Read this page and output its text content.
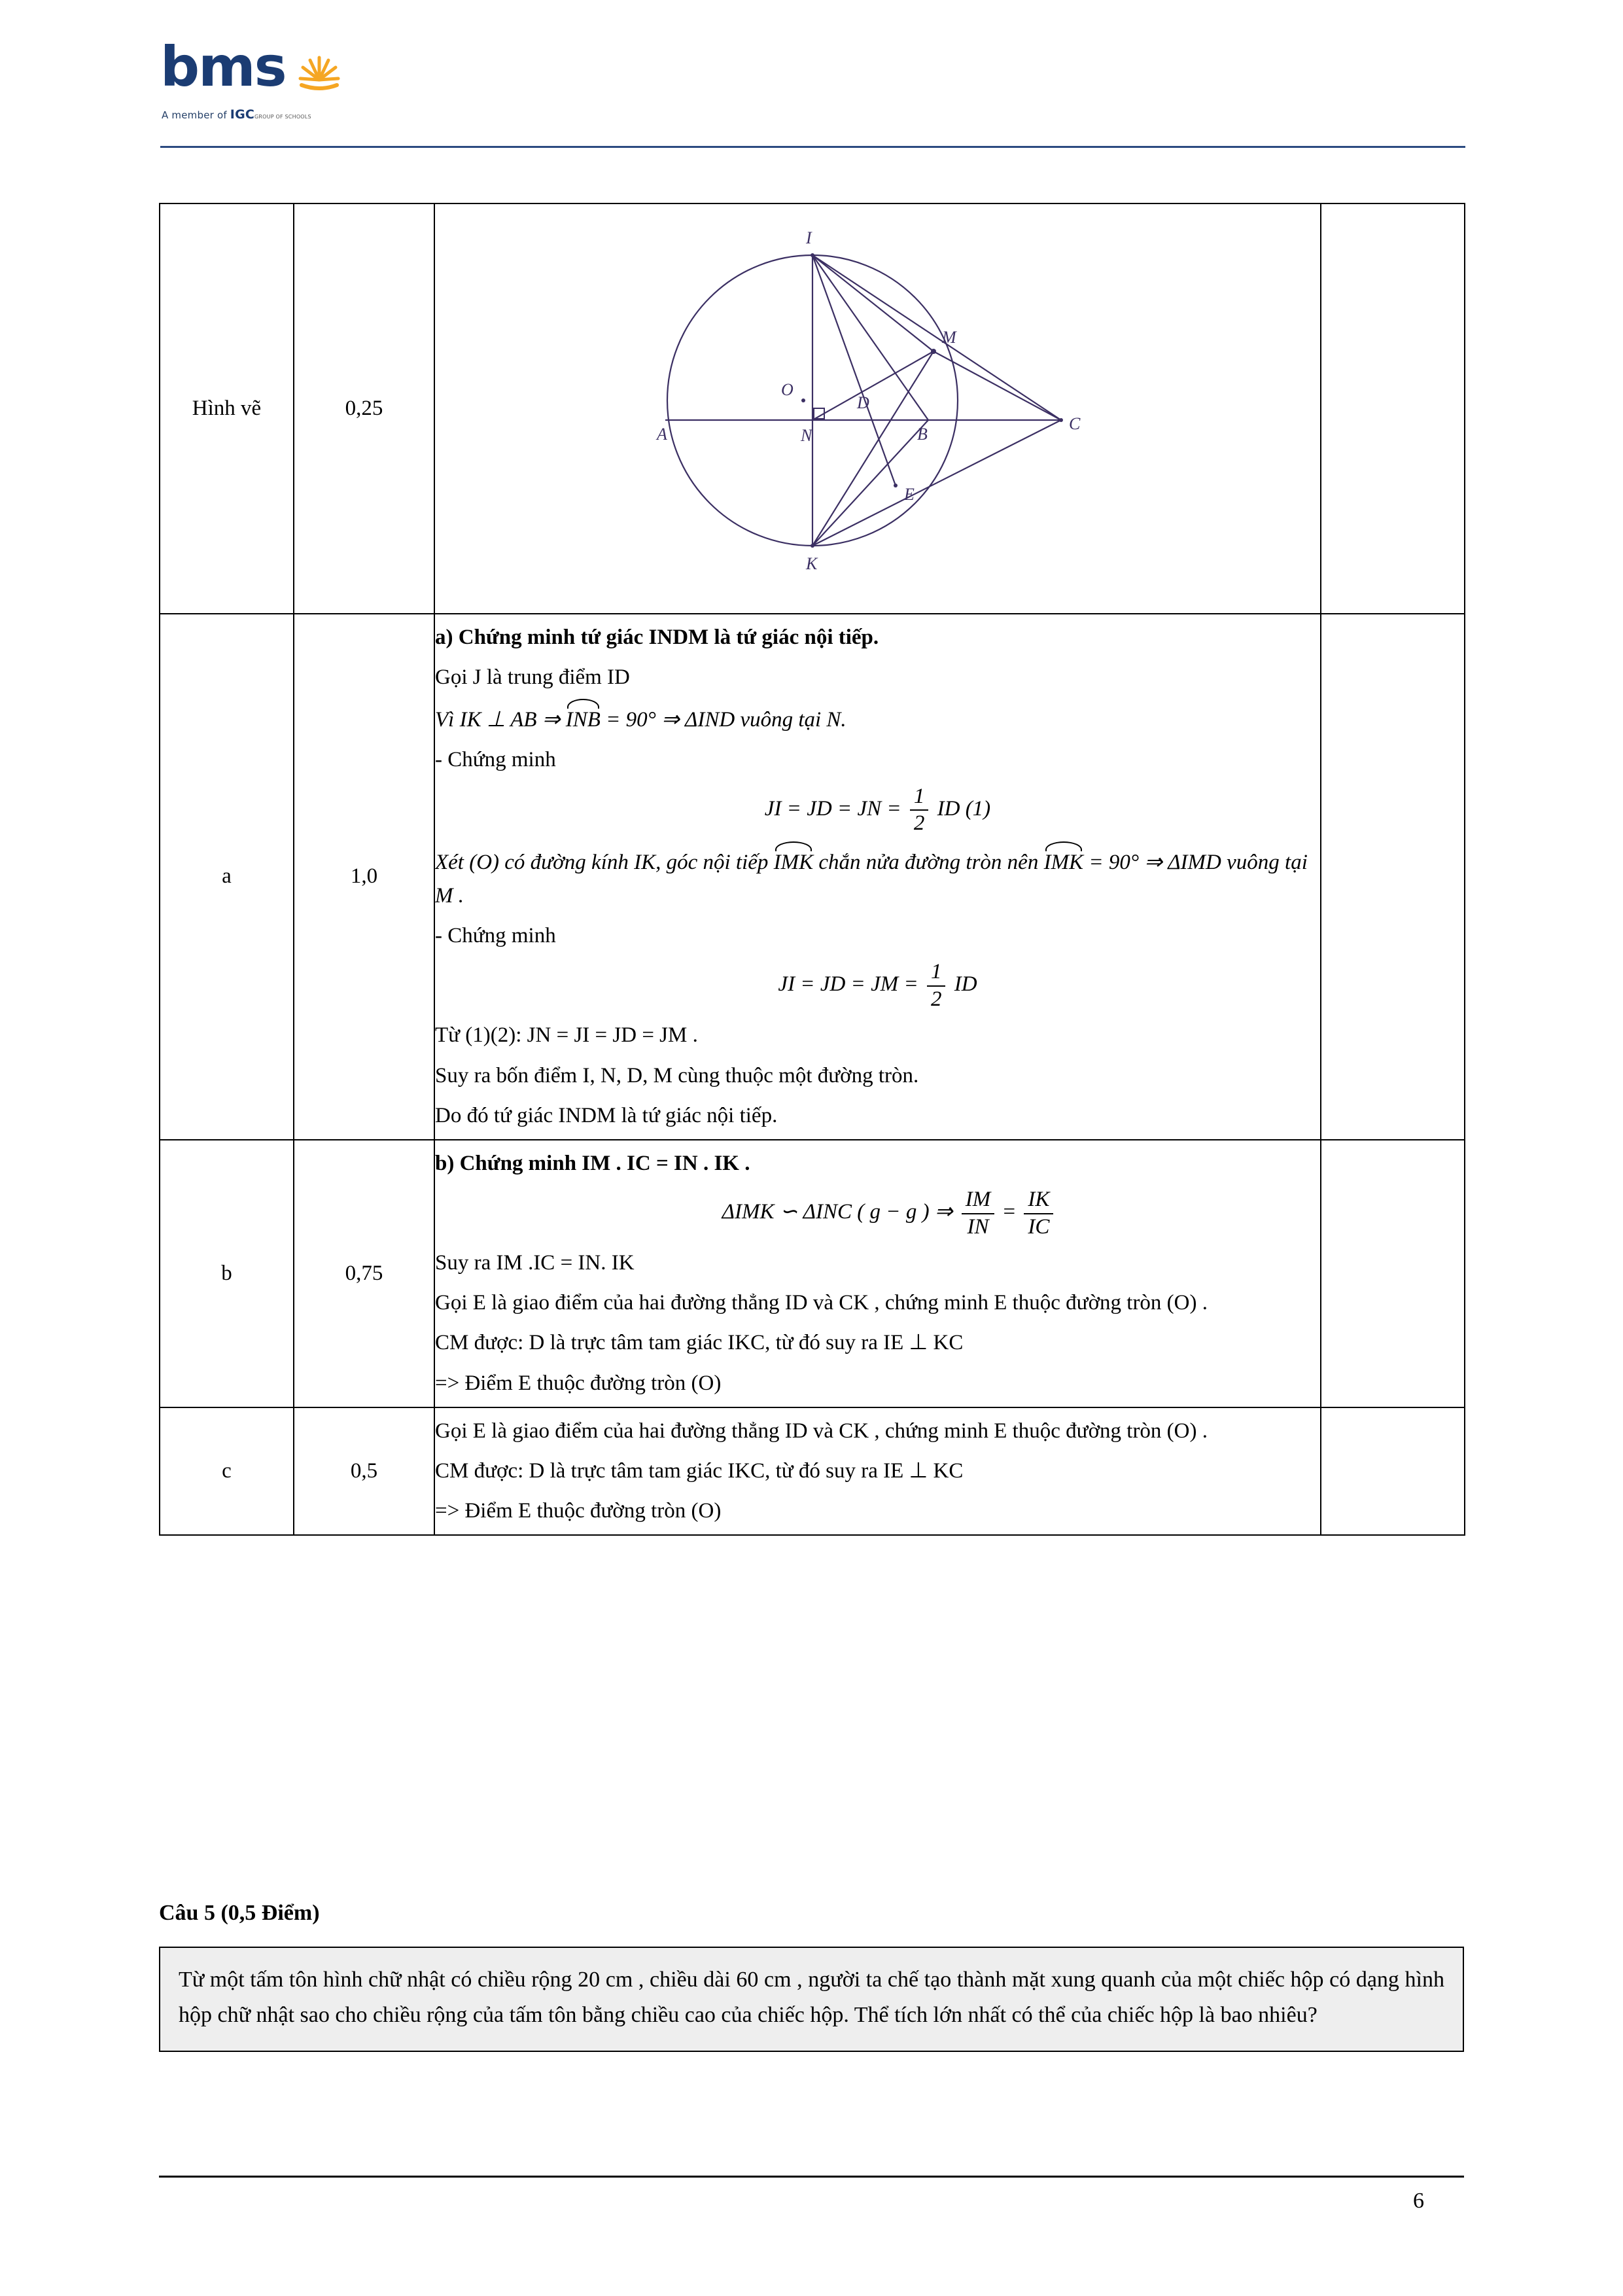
bms
A member of IGCGROUP OF SCHOOLS
Hình vẽ	0,25	
I
M
O
D
A	N	B
C
E
K

a	1,0	

a) Chứng minh tứ giác INDM là tứ giác nội tiếp.

Gọi J là trung điểm ID

Vì IK ⊥ AB ⇒ INB = 90° ⇒ ΔIND vuông tại N.

- Chứng minh

JI = JD = JN = $\frac{1}{2}$ ID (1)

Xét (O) có đường kính IK, góc nội tiếp IMK chắn nửa đường tròn nên IMK = 90° ⇒ ΔIMD vuông tại M .

- Chứng minh

JI = JD = JM = $\frac{1}{2}$ ID

Từ (1)(2): JN = JI = JD = JM .

Suy ra bốn điểm I, N, D, M cùng thuộc một đường tròn.

Do đó tứ giác INDM là tứ giác nội tiếp.

b	0,75	

b) Chứng minh IM . IC = IN . IK .

ΔIMK ∽ ΔINC ( g − g ) ⇒ $\frac{IM}{IN} = \frac{IK}{IC}$

Suy ra IM .IC = IN. IK

Gọi E là giao điểm của hai đường thẳng ID và CK , chứng minh E thuộc đường tròn (O) .

CM được: D là trực tâm tam giác IKC, từ đó suy ra IE ⊥ KC

=> Điểm E thuộc đường tròn (O)

c	0,5	Gọi E là giao điểm của hai đường thẳng ID và CK , chứng minh E thuộc đường tròn (O) .

CM được: D là trực tâm tam giác IKC, từ đó suy ra IE ⊥ KC

=> Điểm E thuộc đường tròn (O)	

Câu 5 (0,5 Điểm)
Từ một tấm tôn hình chữ nhật có chiều rộng 20 cm , chiều dài 60 cm , người ta chế tạo thành mặt xung quanh của một chiếc hộp có dạng hình hộp chữ nhật sao cho chiều rộng của tấm tôn bằng chiều cao của chiếc hộp. Thể tích lớn nhất có thể của chiếc hộp là bao nhiêu?
6
